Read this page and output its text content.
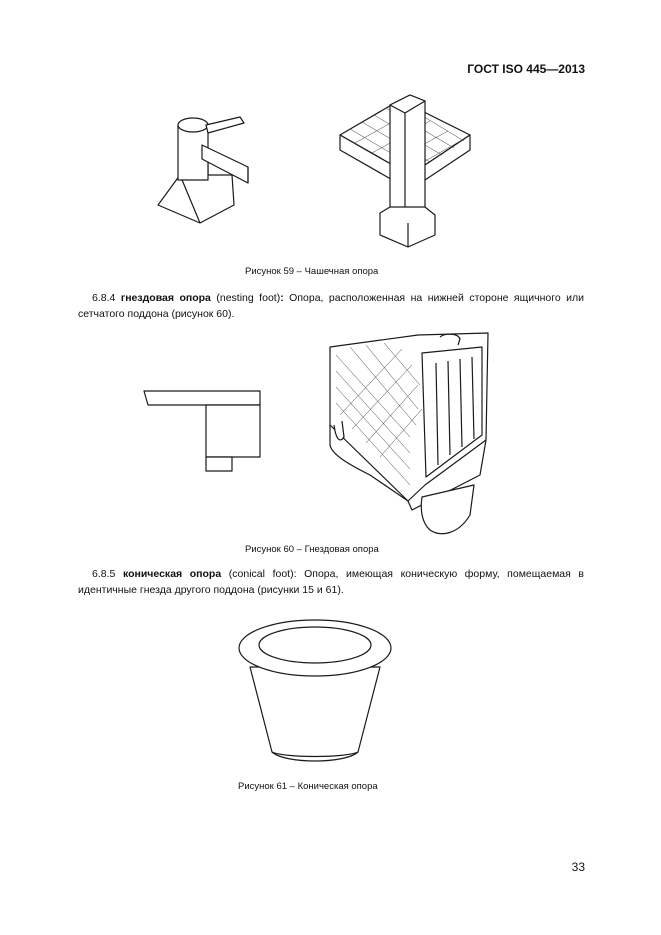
ГОСТ ISO 445—2013
Рисунок 59 – Чашечная опора
6.8.4 гнездовая опора (nesting foot): Опора, расположенная на нижней стороне ящичного или сетчатого поддона (рисунок 60).
Рисунок 60 – Гнездовая опора
6.8.5 коническая опора (conical foot): Опора, имеющая коническую форму, помещаемая в идентичные гнезда другого поддона (рисунки 15 и 61).
Рисунок 61 – Коническая опора
33
